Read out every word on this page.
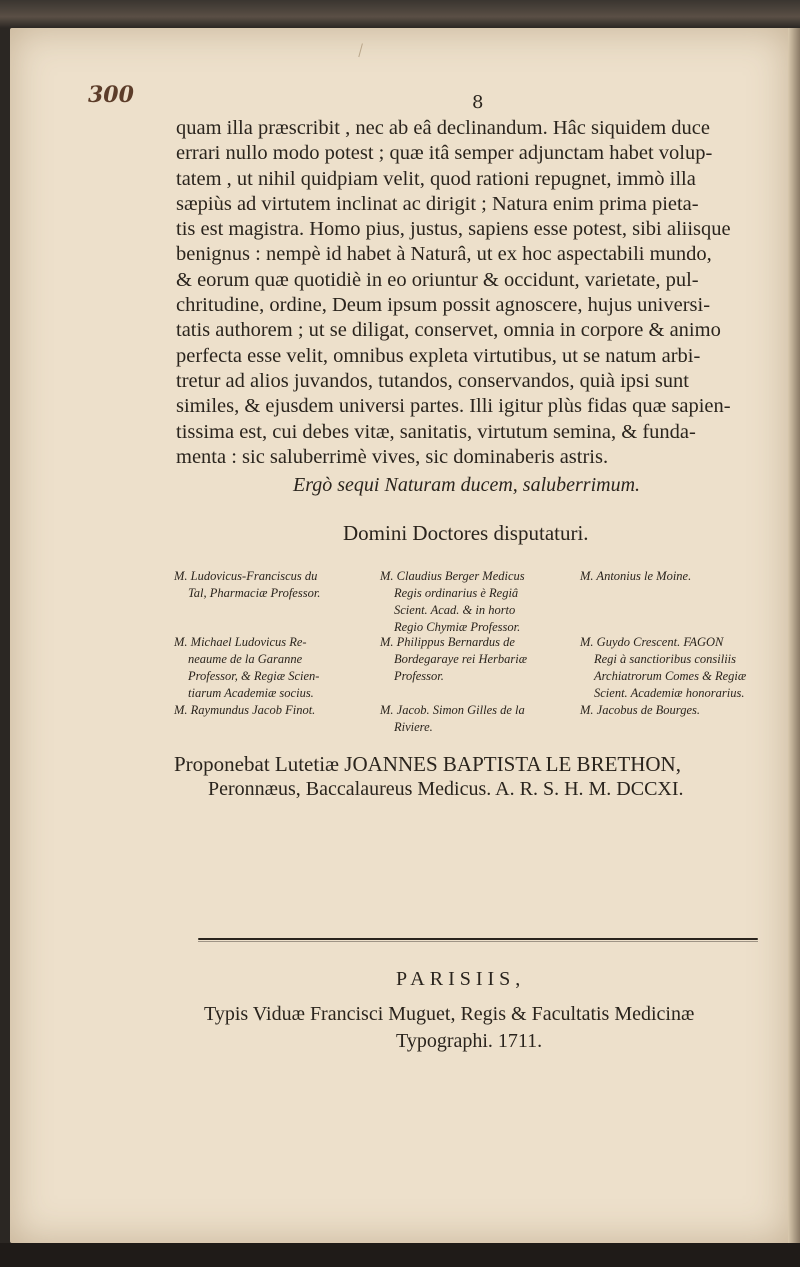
300	8
quam illa præscribit , nec ab eâ declinandum. Hâc siquidem duce
errari nullo modo potest ; quæ itâ semper adjunctam habet volup-
tatem , ut nihil quidpiam velit, quod rationi repugnet, immò illa
sæpiùs ad virtutem inclinat ac dirigit ; Natura enim prima pieta-
tis est magistra. Homo pius, justus, sapiens esse potest, sibi aliisque
benignus : nempè id habet à Naturâ, ut ex hoc aspectabili mundo,
& eorum quæ quotidiè in eo oriuntur & occidunt, varietate, pul-
chritudine, ordine, Deum ipsum possit agnoscere, hujus universi-
tatis authorem ; ut se diligat, conservet, omnia in corpore & animo
perfecta esse velit, omnibus expleta virtutibus, ut se natum arbi-
tretur ad alios juvandos, tutandos, conservandos, quià ipsi sunt
similes, & ejusdem universi partes. Illi igitur plùs fidas quæ sapien-
tissima est, cui debes vitæ, sanitatis, virtutum semina, & funda-
menta : sic saluberrimè vives, sic dominaberis astris.
Ergò sequi Naturam ducem, saluberrimum.
Domini Doctores disputaturi.
M. Ludovicus-Franciscus du
Tal, Pharmaciæ Professor.
M. Claudius Berger Medicus
Regis ordinarius è Regiâ
Scient. Acad. & in horto
Regio Chymiæ Professor.
M. Antonius le Moine.
M. Michael Ludovicus Re-
neaume de la Garanne
Professor, & Regiæ Scien-
tiarum Academiæ socius.
M. Philippus Bernardus de
Bordegaraye rei Herbariæ
Professor.
M. Guydo Crescent. FAGON
Regi à sanctioribus consiliis
Archiatrorum Comes & Regiæ
Scient. Academiæ honorarius.
M. Raymundus Jacob Finot.	M. Jacob. Simon Gilles de la
Riviere.
M. Jacobus de Bourges.
Proponebat Lutetiæ JOANNES BAPTISTA LE BRETHON,
Peronnæus, Baccalaureus Medicus. A. R. S. H. M. DCCXI.
PARISIIS,
Typis Viduæ Francisci Muguet, Regis & Facultatis Medicinæ
Typographi. 1711.
